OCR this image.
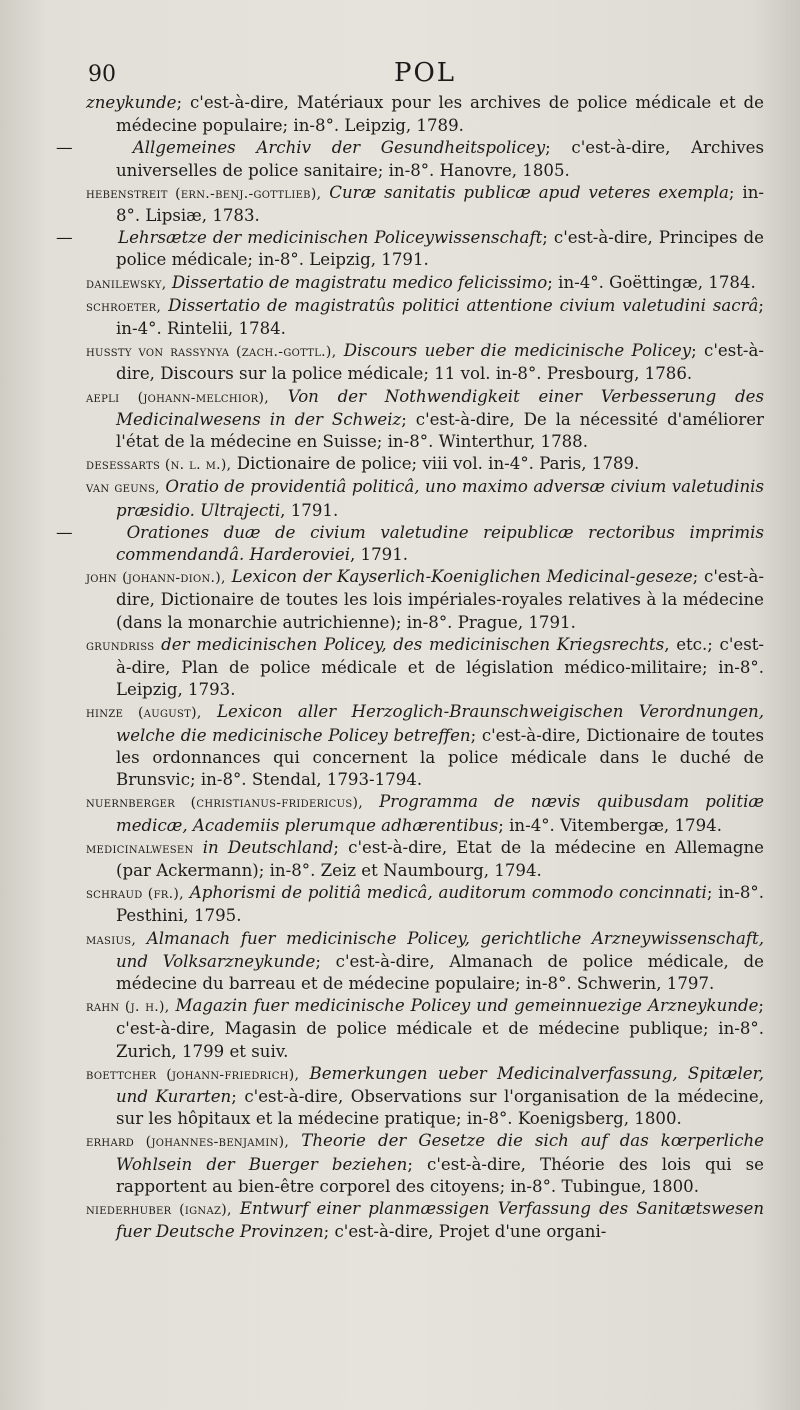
90	POL

zneykunde; c'est-à-dire, Matériaux pour les archives de police médicale et de médecine populaire; in-8°. Leipzig, 1789.

—	Allgemeines Archiv der Gesundheitspolicey; c'est-à-dire, Archives universelles de police sanitaire; in-8°. Hanovre, 1805.

hebenstreit (ern.-benj.-gottlieb), Curæ sanitatis publicæ apud veteres exempla; in-8°. Lipsiæ, 1783.

—	Lehrsætze der medicinischen Policeywissenschaft; c'est-à-dire, Principes de police médicale; in-8°. Leipzig, 1791.

danilewsky, Dissertatio de magistratu medico felicissimo; in-4°. Goëttingæ, 1784.

schroeter, Dissertatio de magistratûs politici attentione civium valetudini sacrâ; in-4°. Rintelii, 1784.

hussty von rassynya (zach.-gottl.), Discours ueber die medicinische Policey; c'est-à-dire, Discours sur la police médicale; 11 vol. in-8°. Presbourg, 1786.

aepli (johann-melchior), Von der Nothwendigkeit einer Verbesserung des Medicinalwesens in der Schweiz; c'est-à-dire, De la nécessité d'améliorer l'état de la médecine en Suisse; in-8°. Winterthur, 1788.

desessarts (n. l. m.), Dictionaire de police; viii vol. in-4°. Paris, 1789.

van geuns, Oratio de providentiâ politicâ, uno maximo adversæ civium valetudinis præsidio. Ultrajecti, 1791.

—	Orationes duæ de civium valetudine reipublicæ rectoribus imprimis commendandâ. Harderoviei, 1791.

john (johann-dion.), Lexicon der Kayserlich-Koeniglichen Medicinal-geseze; c'est-à-dire, Dictionaire de toutes les lois impériales-royales relatives à la médecine (dans la monarchie autrichienne); in-8°. Prague, 1791.

grundriss der medicinischen Policey, des medicinischen Kriegsrechts, etc.; c'est-à-dire, Plan de police médicale et de législation médico-militaire; in-8°. Leipzig, 1793.

hinze (august), Lexicon aller Herzoglich-Braunschweigischen Verordnungen, welche die medicinische Policey betreffen; c'est-à-dire, Dictionaire de toutes les ordonnances qui concernent la police médicale dans le duché de Brunsvic; in-8°. Stendal, 1793-1794.

nuernberger (christianus-fridericus), Programma de nævis quibusdam politiæ medicæ, Academiis plerumque adhærentibus; in-4°. Vitembergæ, 1794.

medicinalwesen in Deutschland; c'est-à-dire, Etat de la médecine en Allemagne (par Ackermann); in-8°. Zeiz et Naumbourg, 1794.

schraud (fr.), Aphorismi de politiâ medicâ, auditorum commodo concinnati; in-8°. Pesthini, 1795.

masius, Almanach fuer medicinische Policey, gerichtliche Arzneywissenschaft, und Volksarzneykunde; c'est-à-dire, Almanach de police médicale, de médecine du barreau et de médecine populaire; in-8°. Schwerin, 1797.

rahn (j. h.), Magazin fuer medicinische Policey und gemeinnuezige Arzneykunde; c'est-à-dire, Magasin de police médicale et de médecine publique; in-8°. Zurich, 1799 et suiv.

boettcher (johann-friedrich), Bemerkungen ueber Medicinalverfassung, Spitæler, und Kurarten; c'est-à-dire, Observations sur l'organisation de la médecine, sur les hôpitaux et la médecine pratique; in-8°. Koenigsberg, 1800.

erhard (johannes-benjamin), Theorie der Gesetze die sich auf das kœrperliche Wohlsein der Buerger beziehen; c'est-à-dire, Théorie des lois qui se rapportent au bien-être corporel des citoyens; in-8°. Tubingue, 1800.

niederhuber (ignaz), Entwurf einer planmæssigen Verfassung des Sanitætswesen fuer Deutsche Provinzen; c'est-à-dire, Projet d'une organi-
